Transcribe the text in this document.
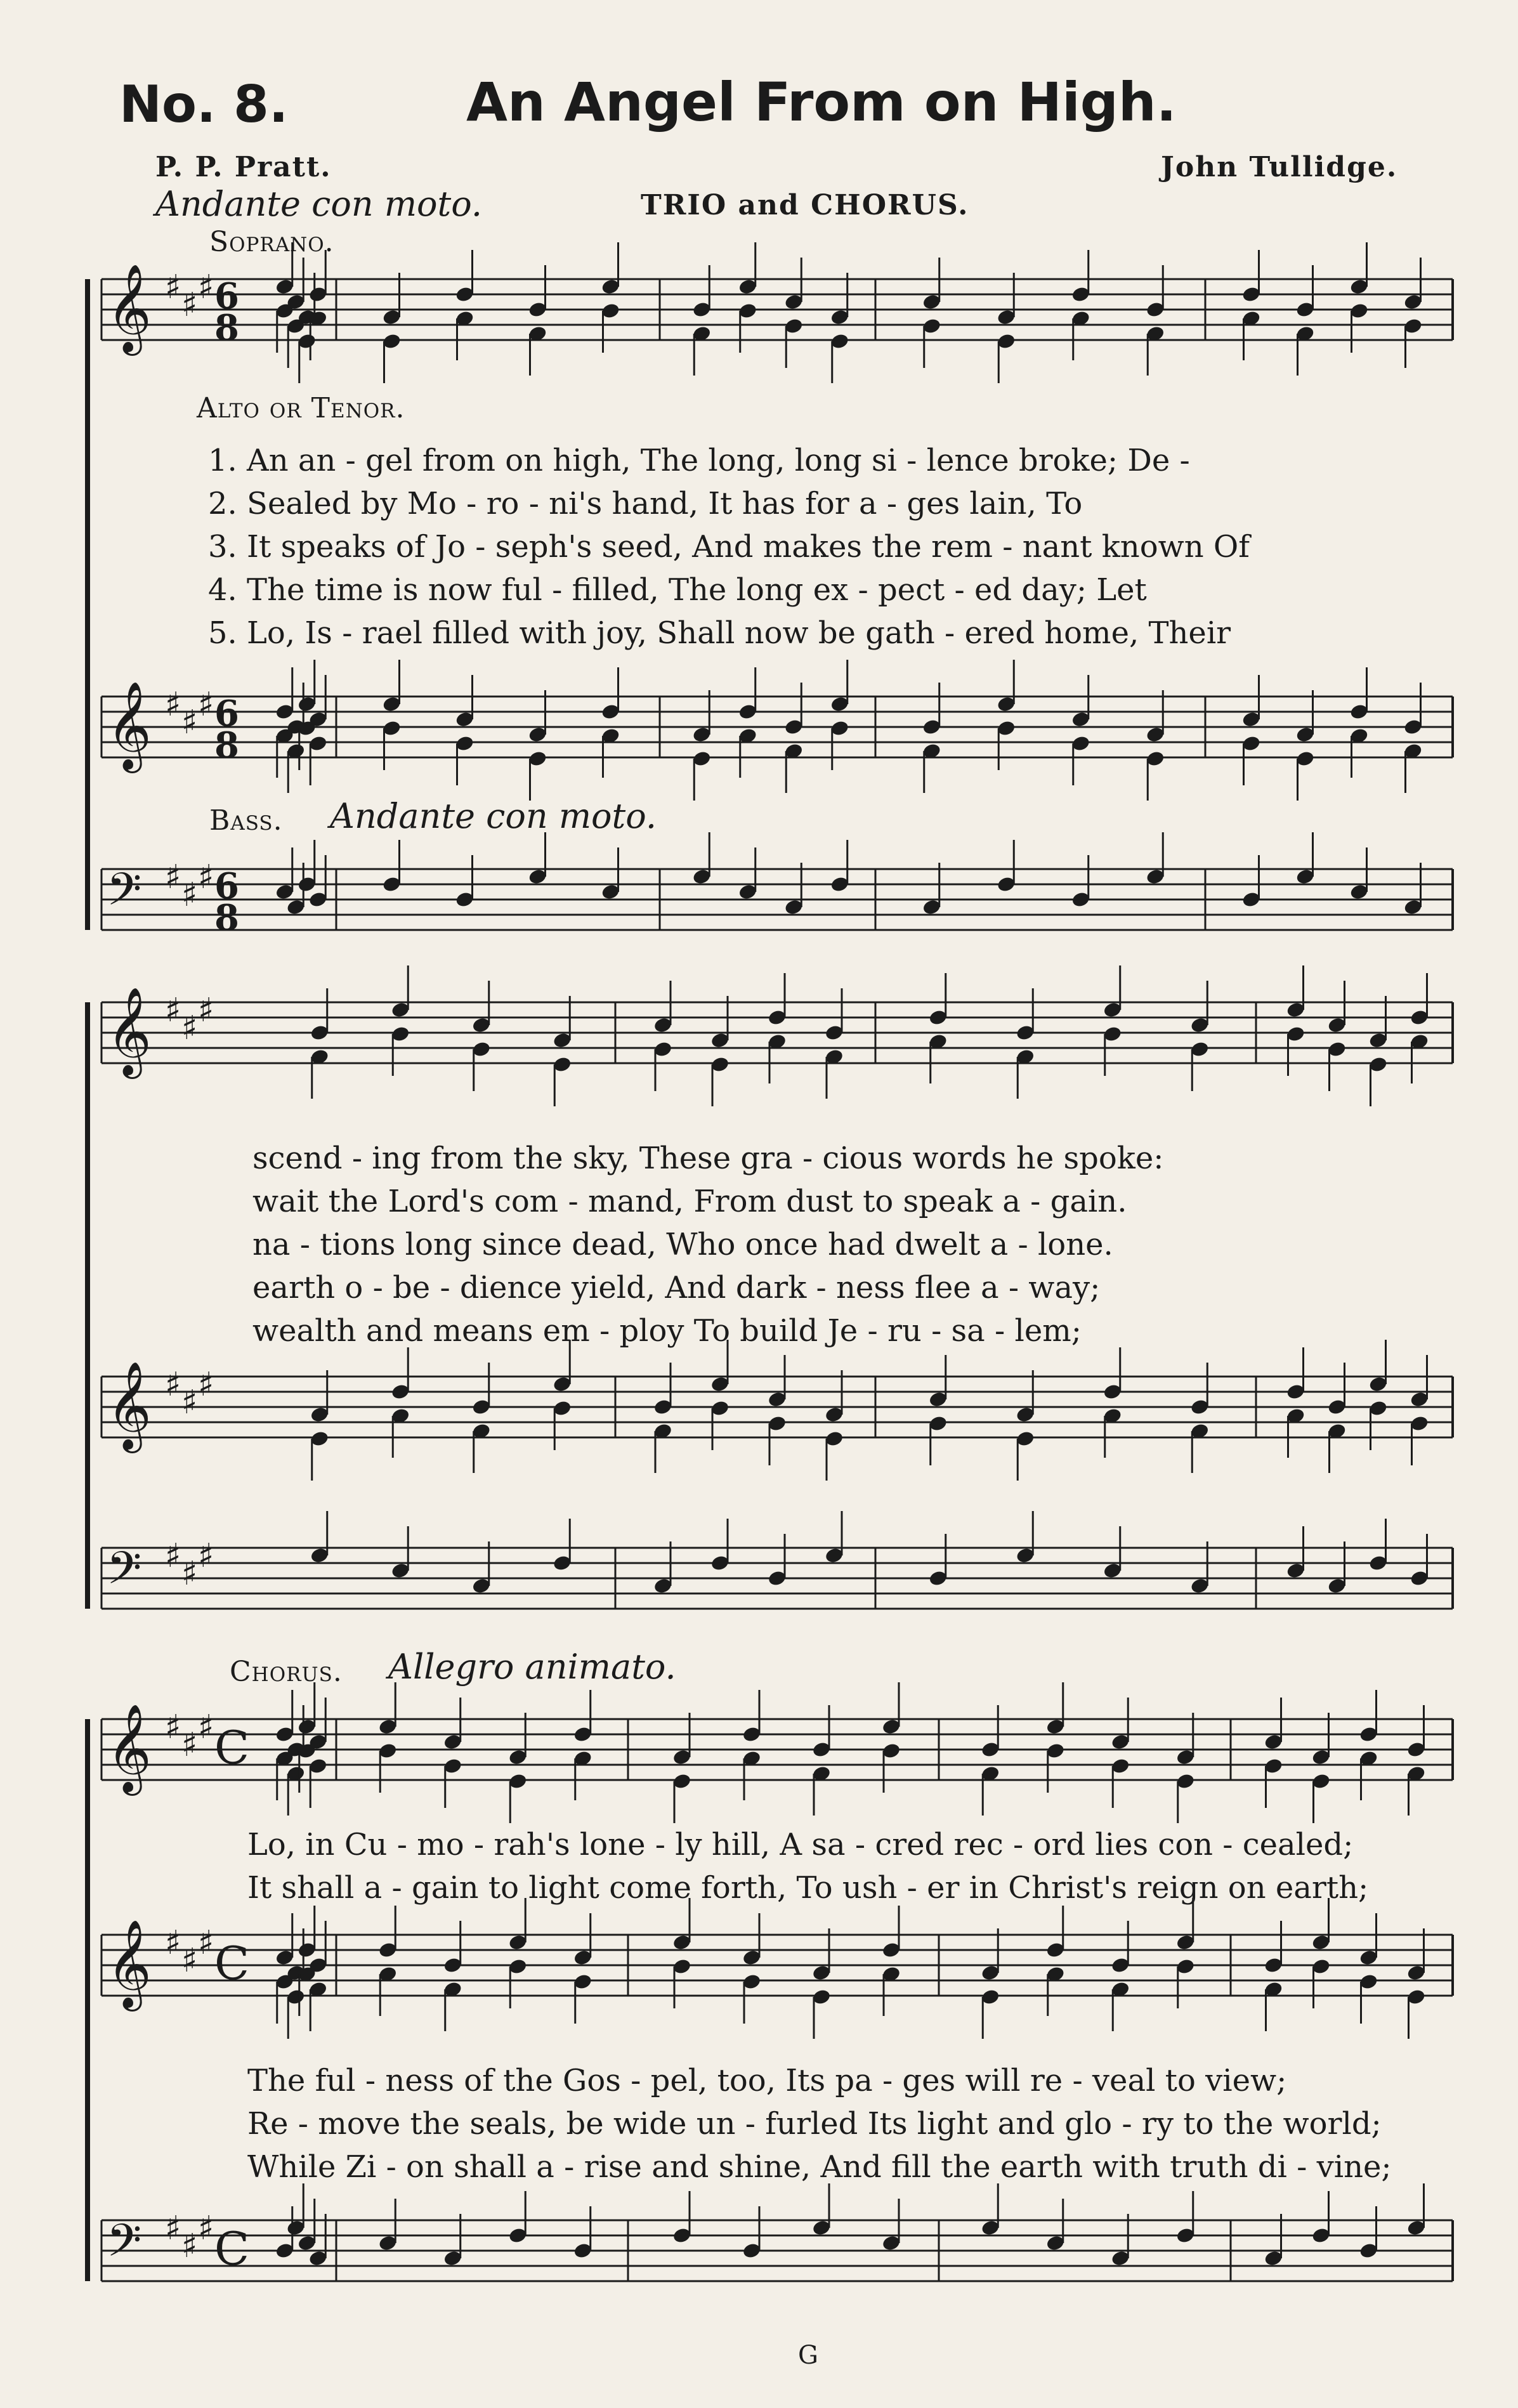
𝄞 ♯ ♯ ♯
𝄞 ♯ ♯ ♯
𝄢 ♯ ♯ ♯
𝄞 ♯ ♯ ♯
𝄞 ♯ ♯ ♯
𝄢 ♯ ♯ ♯
𝄞 ♯ ♯ ♯
𝄞 ♯ ♯ ♯
𝄢 ♯ ♯ ♯
6
8
6
8
6
8
C
C
C
No. 8.	An Angel From on High.
P. P. Pratt.	John Tullidge.
Andante con moto.	TRIO and CHORUS.
Soprano.
Alto or Tenor.
1. An an - gel from on high, The long, long si - lence broke; De -
2. Sealed by Mo - ro - ni's hand, It has for a - ges lain, To
3. It speaks of Jo - seph's seed, And makes the rem - nant known Of
4. The time is now ful - filled, The long ex - pect - ed day; Let
5. Lo, Is - rael filled with joy, Shall now be gath - ered home, Their
Bass. Andante con moto.
scend - ing from the sky, These gra - cious words he spoke:
wait the Lord's com - mand, From dust to speak a - gain.
na - tions long since dead, Who once had dwelt a - lone.
earth o - be - dience yield, And dark - ness flee a - way;
wealth and means em - ploy To build Je - ru - sa - lem;
Chorus. Allegro animato.
Lo, in Cu - mo - rah's lone - ly hill, A sa - cred rec - ord lies con - cealed;
It shall a - gain to light come forth, To ush - er in Christ's reign on earth;
The ful - ness of the Gos - pel, too, Its pa - ges will re - veal to view;
Re - move the seals, be wide un - furled Its light and glo - ry to the world;
While Zi - on shall a - rise and shine, And fill the earth with truth di - vine;
G
